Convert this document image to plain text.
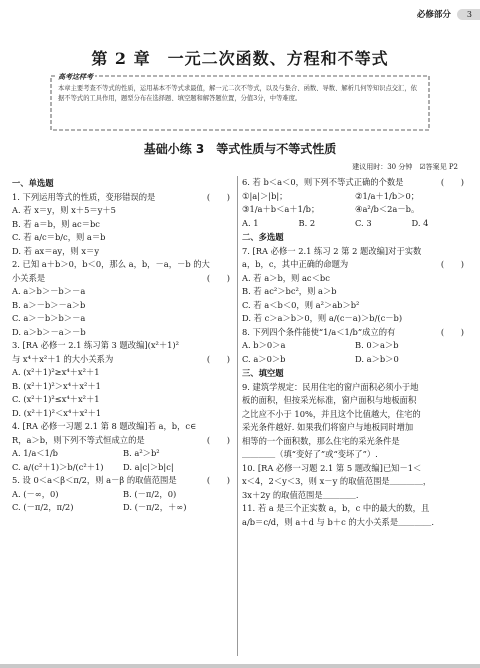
必修部分	3
第 2 章　一元二次函数、方程和不等式
高考这样考
本章主要考查不等式的性质，运用基本不等式求最值，解一元二次不等式，以及与集合、函数、导数、解析几何等知识点交汇，依据不等式的工具作用，题型分布在选择题、填空题和解答题位置，分值3分，中等难度。
基础小练 3　等式性质与不等式性质
建议用时：30 分钟　☑答案见 P2
一、单选题
1. 下列运用等式的性质，变形错误的是	(　　)
A. 若 x＝y，则 x＋5＝y＋5
B. 若 a＝b，则 ac＝bc
C. 若 a/c＝b/c，则 a＝b
D. 若 ax＝ay，则 x＝y
2. 已知 a＋b＞0，b＜0，那么 a，b，－a，－b 的大
小关系是	(　　)
A. a＞b＞－b＞－a
B. a＞－b＞－a＞b
C. a＞－b＞b＞－a
D. a＞b＞－a＞－b
3. [RA 必修一 2.1 练习第 3 题改编](x²＋1)²
与 x⁴＋x²＋1 的大小关系为	(　　)
A. (x²＋1)²≥x⁴＋x²＋1
B. (x²＋1)²＞x⁴＋x²＋1
C. (x²＋1)²≤x⁴＋x²＋1
D. (x²＋1)²＜x⁴＋x²＋1
4. [RA 必修一习题 2.1 第 8 题改编]若 a，b，c∈
R，a＞b，则下列不等式恒成立的是	(　　)
A. 1/a＜1/b	B. a²＞b²
C. a/(c²＋1)＞b/(c²＋1)	D. a|c|＞b|c|
5. 设 0＜a＜β＜π/2，则 a－β 的取值范围是	(　　)
A. (－∞，0)	B. (－π/2，0)
C. (－π/2，π/2)	D. (－π/2，＋∞)
6. 若 b＜a＜0，则下列不等式正确的个数是	(　　)
①|a|＞|b|；	②1/a＋1/b＞0；
③1/a＋b＜a＋1/b；	④a²/b＜2a－b。
A. 1	B. 2	C. 3	D. 4
二、多选题
7. [RA 必修一 2.1 练习 2 第 2 题改编]对于实数
a，b，c，其中正确的命题为	(　　)
A. 若 a＞b，则 ac＜bc
B. 若 ac²＞bc²，则 a＞b
C. 若 a＜b＜0，则 a²＞ab＞b²
D. 若 c＞a＞b＞0，则 a/(c－a)＞b/(c－b)
8. 下列四个条件能使“1/a＜1/b”成立的有	(　　)
A. b＞0＞a	B. 0＞a＞b
C. a＞0＞b	D. a＞b＞0
三、填空题
9. 建筑学规定：民用住宅的窗户面积必须小于地
板的面积，但按采光标准，窗户面积与地板面积
之比应不小于 10%，并且这个比值越大，住宅的
采光条件越好. 如果我们将窗户与地板同时增加
相等的一个面积数，那么住宅的采光条件是
＿＿＿＿（填“变好了”或“变坏了”）.
10. [RA 必修一习题 2.1 第 5 题改编]已知－1＜
x＜4，2＜y＜3，则 x－y 的取值范围是＿＿＿＿，
3x＋2y 的取值范围是＿＿＿＿.
11. 若 a 是三个正实数 a，b，c 中的最大的数，且
a/b＝c/d，则 a＋d 与 b＋c 的大小关系是＿＿＿＿.
